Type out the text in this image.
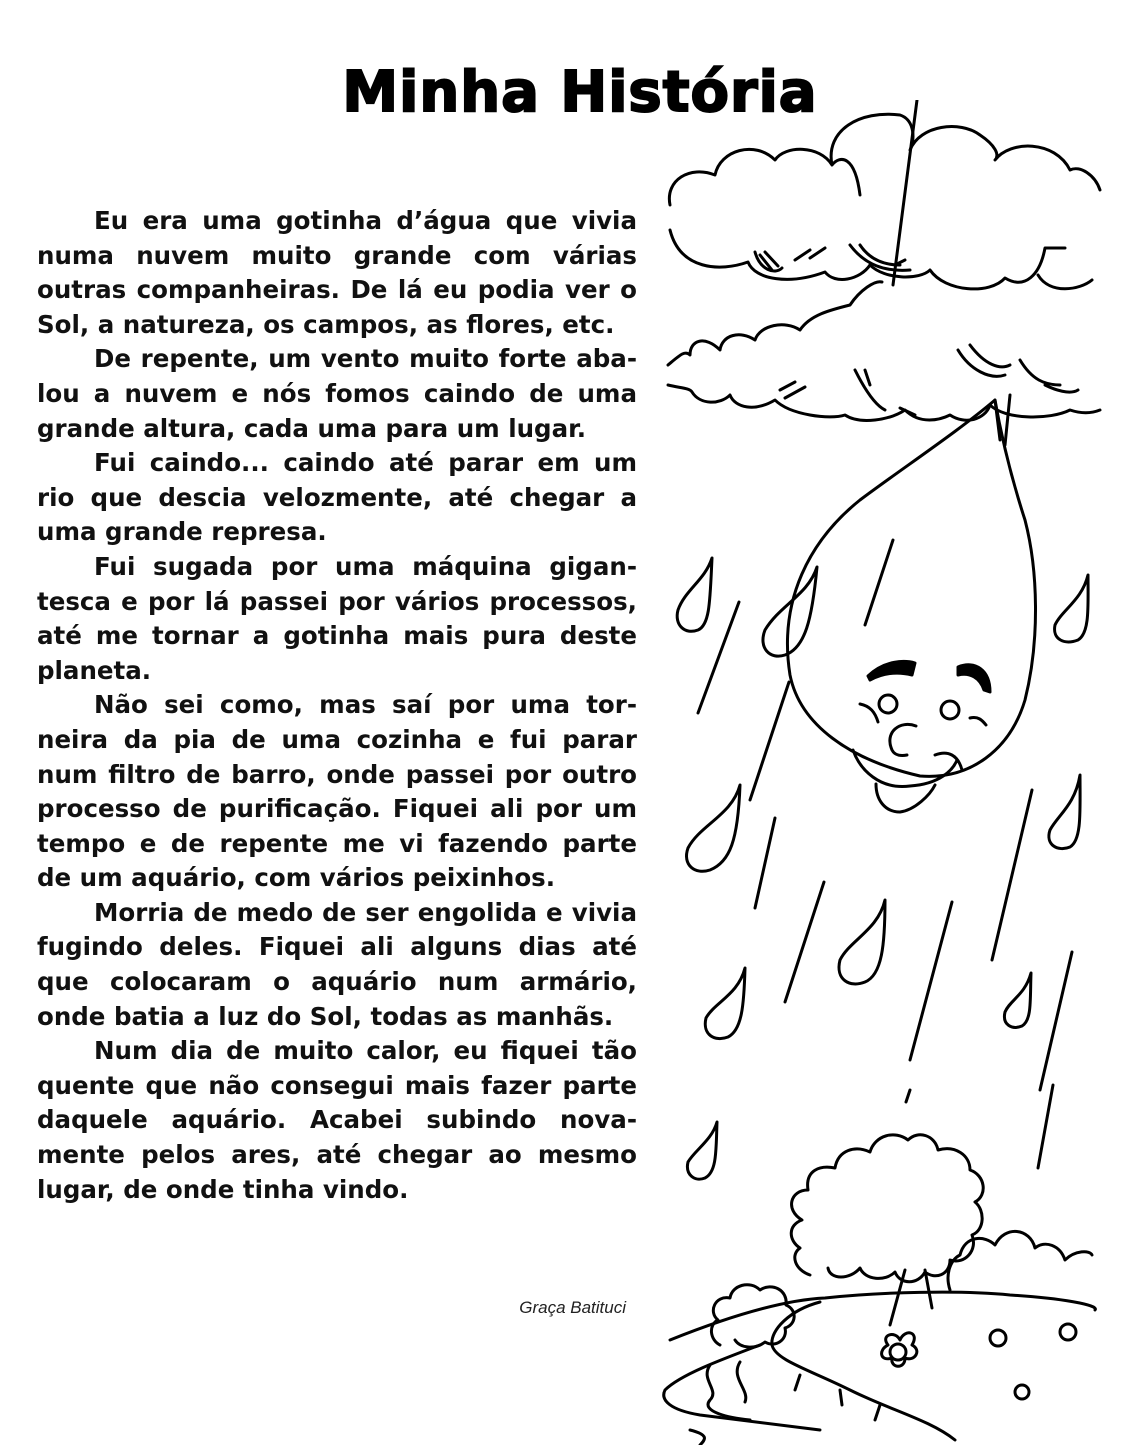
Minha História

Eu era uma gotinha d’água que vivia numa nuvem muito grande com várias outras companheiras. De lá eu podia ver o Sol, a natureza, os campos, as flores, etc.

De repente, um vento muito forte abalou a nuvem e nós fomos caindo de uma grande altura, cada uma para um lugar.

Fui caindo... caindo até parar em um rio que descia velozmente, até chegar a uma grande represa.

Fui sugada por uma máquina gigantesca e por lá passei por vários processos, até me tornar a gotinha mais pura deste planeta.

Não sei como, mas saí por uma torneira da pia de uma cozinha e fui parar num filtro de barro, onde passei por outro processo de purificação. Fiquei ali por um tempo e de repente me vi fazendo parte de um aquário, com vários peixinhos.

Morria de medo de ser engolida e vivia fugindo deles. Fiquei ali alguns dias até que colocaram o aquário num armário, onde batia a luz do Sol, todas as manhãs.

Num dia de muito calor, eu fiquei tão quente que não consegui mais fazer parte daquele aquário. Acabei subindo novamente pelos ares, até chegar ao mesmo lugar, de onde tinha vindo.

Graça Batituci
